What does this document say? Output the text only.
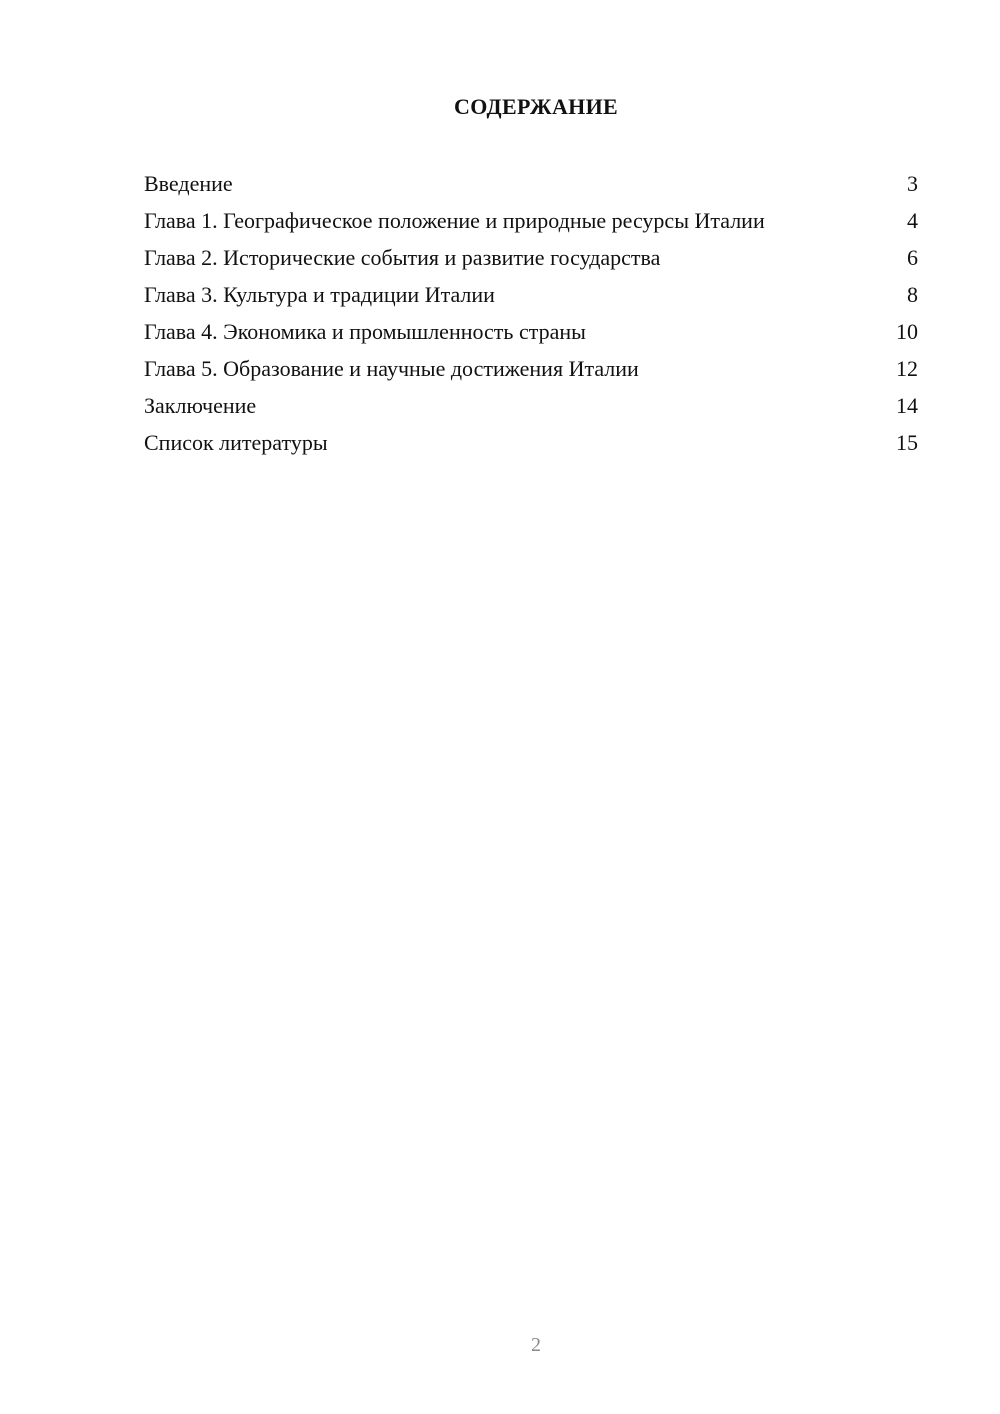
СОДЕРЖАНИЕ
Введение	3
Глава 1. Географическое положение и природные ресурсы Италии	4
Глава 2. Исторические события и развитие государства	6
Глава 3. Культура и традиции Италии	8
Глава 4. Экономика и промышленность страны	10
Глава 5. Образование и научные достижения Италии	12
Заключение	14
Список литературы	15
2
